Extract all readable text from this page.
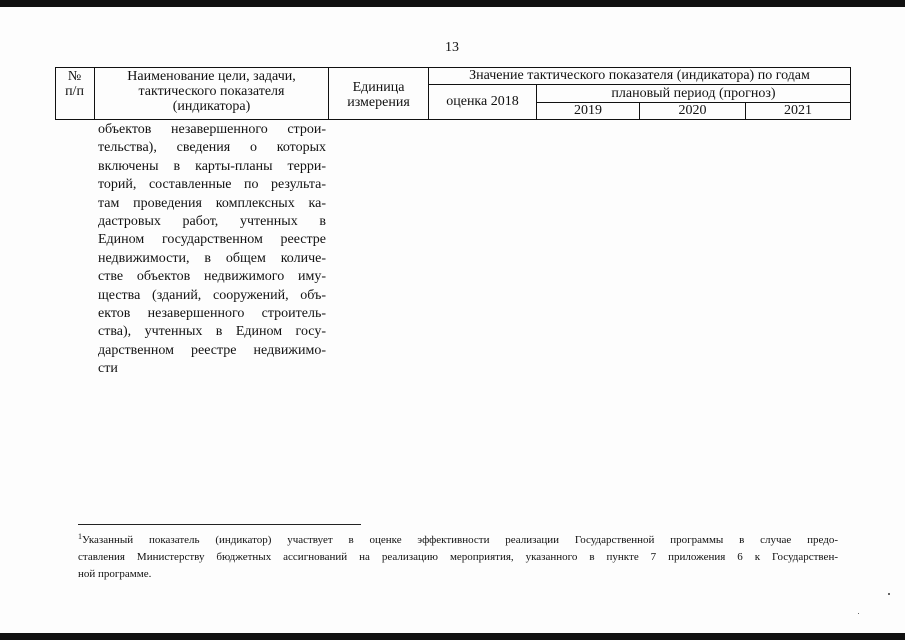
13
№
п/п
Наименование цели, задачи,
тактического показателя
(индикатора)
Единица
измерения
Значение тактического показателя (индикатора) по годам
оценка 2018
плановый период (прогноз)
2019	2020	2021
объектов незавершенного строи-
тельства), сведения о которых
включены в карты-планы терри-
торий, составленные по результа-
там проведения комплексных ка-
дастровых работ, учтенных в
Едином государственном реестре
недвижимости, в общем количе-
стве объектов недвижимого иму-
щества (зданий, сооружений, объ-
ектов незавершенного строитель-
ства), учтенных в Едином госу-
дарственном реестре недвижимо-
сти
$^1$Указанный показатель (индикатор) участвует в оценке эффективности реализации Государственной программы в случае предо-
ставления Министерству бюджетных ассигнований на реализацию мероприятия, указанного в пункте 7 приложения 6 к Государствен-
ной программе.
